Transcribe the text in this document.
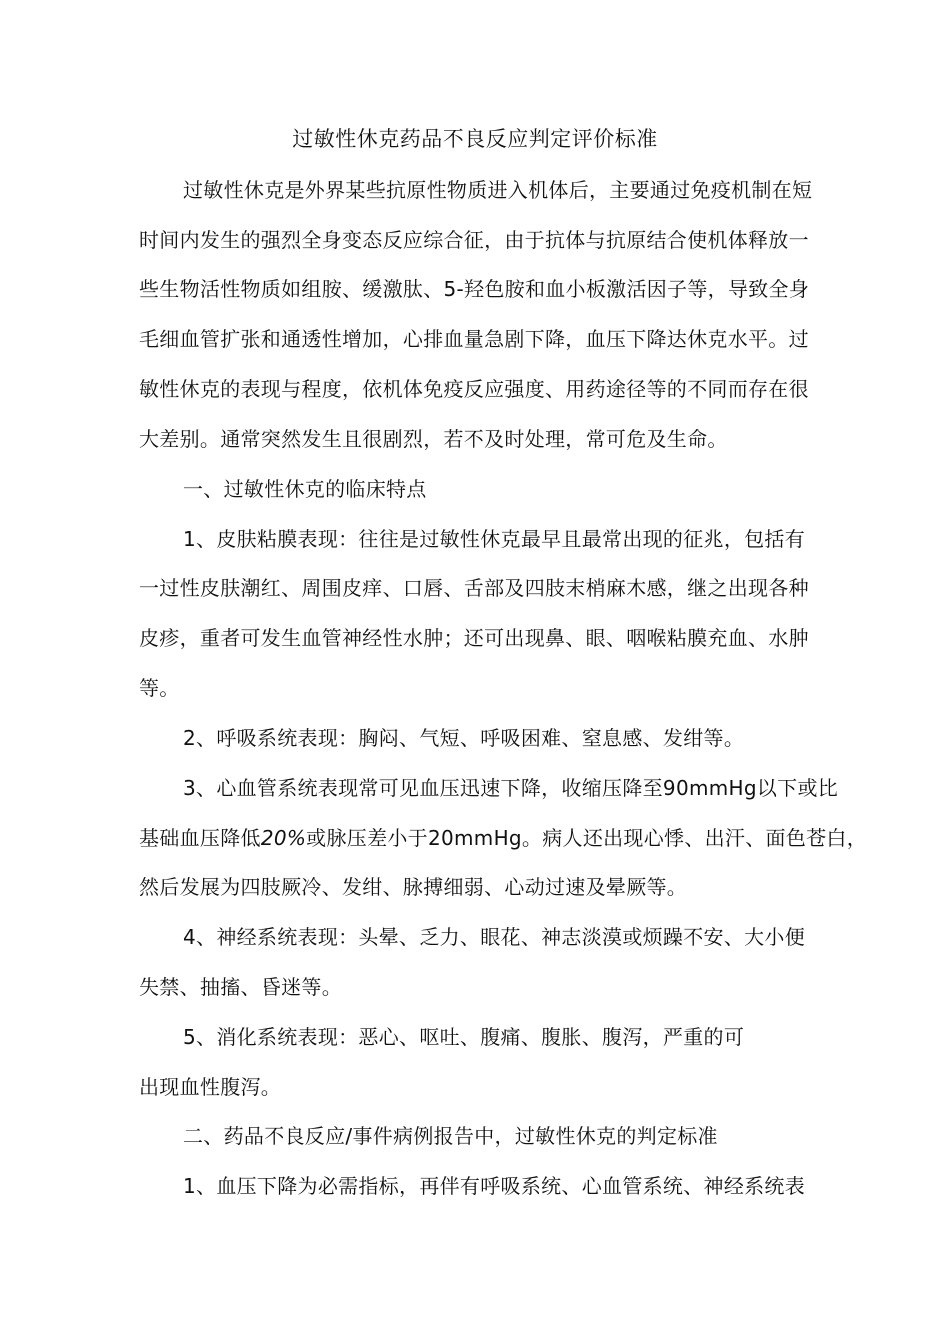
过敏性休克药品不良反应判定评价标准
过敏性休克是外界某些抗原性物质进入机体后，主要通过免疫机制在短
时间内发生的强烈全身变态反应综合征，由于抗体与抗原结合使机体释放一
些生物活性物质如组胺、缓激肽、5-羟色胺和血小板激活因子等，导致全身
毛细血管扩张和通透性增加，心排血量急剧下降，血压下降达休克水平。过
敏性休克的表现与程度，依机体免疫反应强度、用药途径等的不同而存在很
大差别。通常突然发生且很剧烈，若不及时处理，常可危及生命。
一、过敏性休克的临床特点
1、皮肤粘膜表现：往往是过敏性休克最早且最常出现的征兆，包括有
一过性皮肤潮红、周围皮痒、口唇、舌部及四肢末梢麻木感，继之出现各种
皮疹，重者可发生血管神经性水肿；还可出现鼻、眼、咽喉粘膜充血、水肿
等。
2、呼吸系统表现：胸闷、气短、呼吸困难、窒息感、发绀等。
3、心血管系统表现常可见血压迅速下降，收缩压降至90mmHg以下或比
基础血压降低20%或脉压差小于20mmHg。病人还出现心悸、出汗、面色苍白，
然后发展为四肢厥冷、发绀、脉搏细弱、心动过速及晕厥等。
4、神经系统表现：头晕、乏力、眼花、神志淡漠或烦躁不安、大小便
失禁、抽搐、昏迷等。
5、消化系统表现：恶心、呕吐、腹痛、腹胀、腹泻，严重的可
出现血性腹泻。
二、药品不良反应/事件病例报告中，过敏性休克的判定标准
1、血压下降为必需指标，再伴有呼吸系统、心血管系统、神经系统表
